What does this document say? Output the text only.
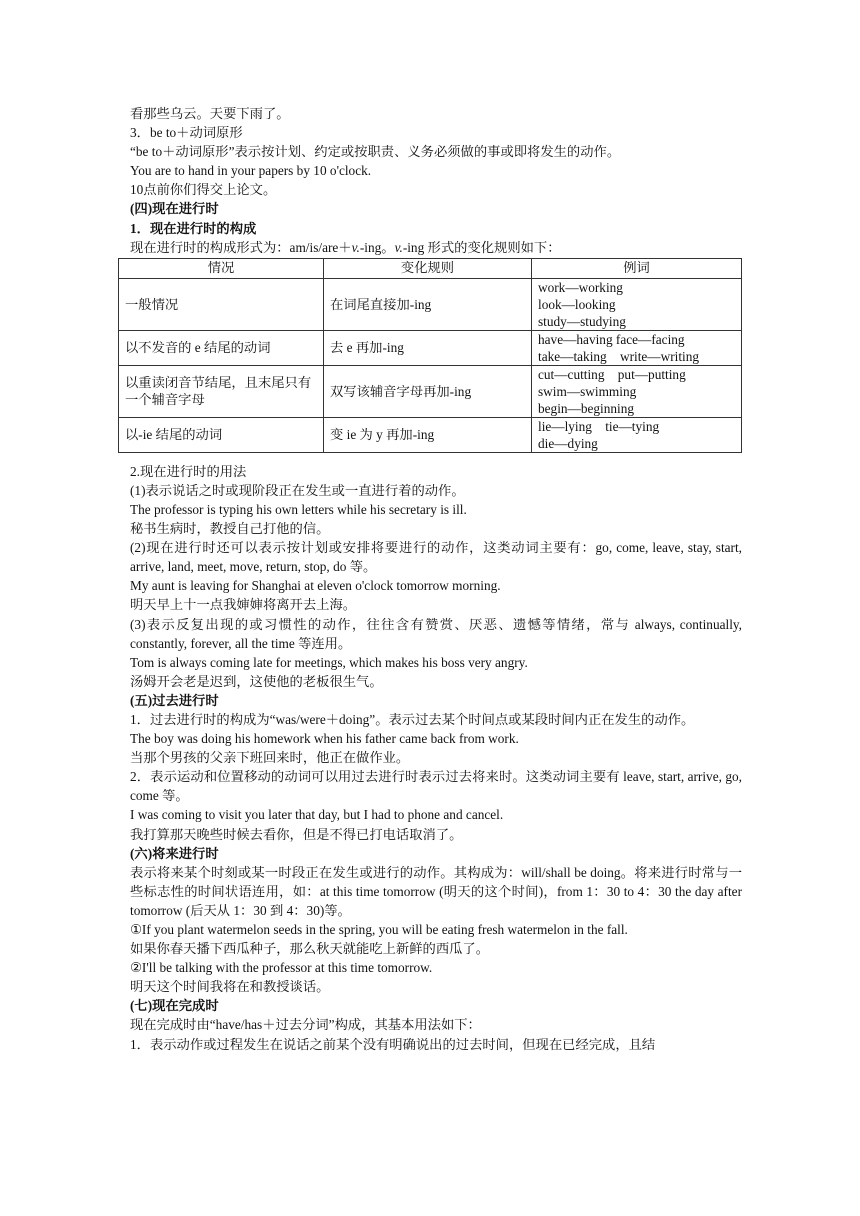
看那些乌云。天要下雨了。
3．be to＋动词原形
“be to＋动词原形”表示按计划、约定或按职责、义务必须做的事或即将发生的动作。
You are to hand in your papers by 10 o'clock.
10点前你们得交上论文。
(四)现在进行时
1．现在进行时的构成
现在进行时的构成形式为：am/is/are＋v.-ing。v.-ing 形式的变化规则如下：
情况	变化规则	例词
一般情况	在词尾直接加-ing	work—working
look—looking
study—studying

以不发音的 e 结尾的动词	去 e 再加-ing	have—having face—facing
take—taking write—writing

以重读闭音节结尾，且末尾只有一个辅音字母	双写该辅音字母再加-ing	cut—cutting put—putting
swim—swimming
begin—beginning

以-ie 结尾的动词	变 ie 为 y 再加-ing	lie—lying tie—tying
die—dying
2.现在进行时的用法
(1)表示说话之时或现阶段正在发生或一直进行着的动作。
The professor is typing his own letters while his secretary is ill.
秘书生病时，教授自己打他的信。
(2)现在进行时还可以表示按计划或安排将要进行的动作，这类动词主要有：go, come, leave, stay, start, arrive, land, meet, move, return, stop, do 等。
My aunt is leaving for Shanghai at eleven o'clock tomorrow morning.
明天早上十一点我婶婶将离开去上海。
(3)表示反复出现的或习惯性的动作，往往含有赞赏、厌恶、遗憾等情绪，常与 always, continually, constantly, forever, all the time 等连用。
Tom is always coming late for meetings, which makes his boss very angry.
汤姆开会老是迟到，这使他的老板很生气。
(五)过去进行时
1．过去进行时的构成为“was/were＋doing”。表示过去某个时间点或某段时间内正在发生的动作。
The boy was doing his homework when his father came back from work.
当那个男孩的父亲下班回来时，他正在做作业。
2．表示运动和位置移动的动词可以用过去进行时表示过去将来时。这类动词主要有 leave, start, arrive, go, come 等。
I was coming to visit you later that day, but I had to phone and cancel.
我打算那天晚些时候去看你，但是不得已打电话取消了。
(六)将来进行时
表示将来某个时刻或某一时段正在发生或进行的动作。其构成为：will/shall be doing。将来进行时常与一些标志性的时间状语连用，如：at this time tomorrow (明天的这个时间)，from 1：30 to 4：30 the day after tomorrow (后天从 1：30 到 4：30)等。
①If you plant watermelon seeds in the spring, you will be eating fresh watermelon in the fall.
如果你春天播下西瓜种子，那么秋天就能吃上新鲜的西瓜了。
②I'll be talking with the professor at this time tomorrow.
明天这个时间我将在和教授谈话。
(七)现在完成时
现在完成时由“have/has＋过去分词”构成，其基本用法如下：
1．表示动作或过程发生在说话之前某个没有明确说出的过去时间，但现在已经完成，且结
